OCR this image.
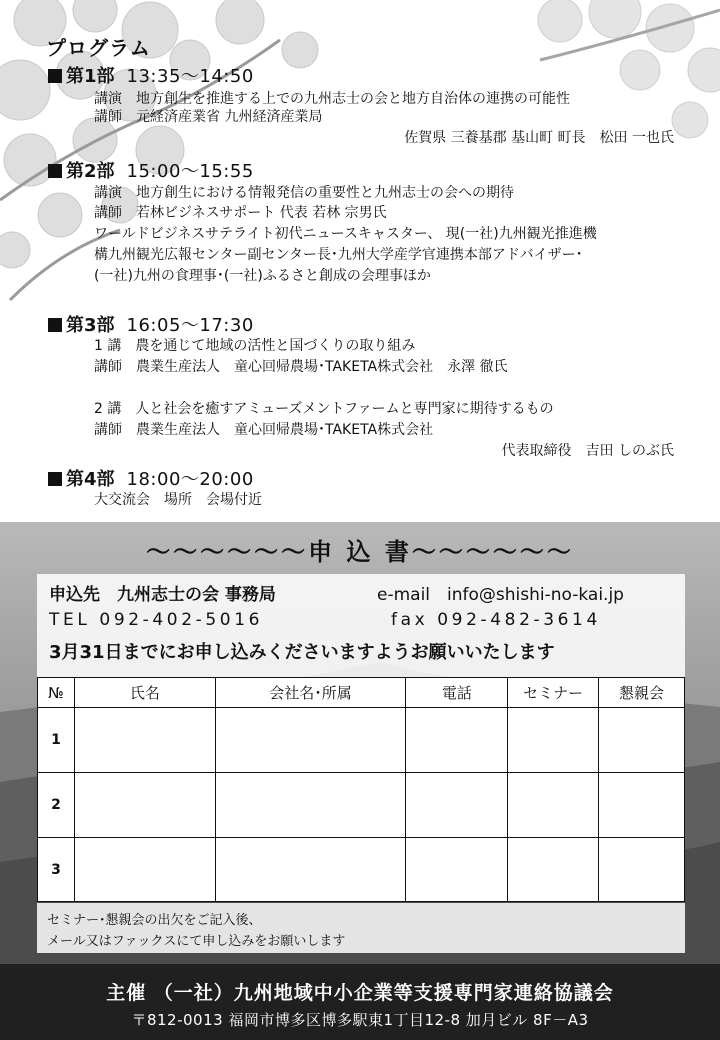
プログラム
第1部 13:35～14:50
講演　地方創生を推進する上での九州志士の会と地方自治体の連携の可能性
講師　元経済産業省 九州経済産業局
佐賀県 三養基郡 基山町 町長　松田 一也氏
第2部 15:00～15:55
講演　地方創生における情報発信の重要性と九州志士の会への期待
講師　若林ビジネスサポート 代表 若林 宗男氏
ワールドビジネスサテライト初代ニュースキャスター、 現(一社)九州観光推進機
構九州観光広報センター副センター長･九州大学産学官連携本部アドバイザー･
(一社)九州の食理事･(一社)ふるさと創成の会理事ほか
第3部 16:05～17:30
1 講　農を通じて地域の活性と国づくりの取り組み
講師　農業生産法人　童心回帰農場･TAKETA株式会社　永澤 徹氏
2 講　人と社会を癒すアミューズメントファームと専門家に期待するもの
講師　農業生産法人　童心回帰農場･TAKETA株式会社
代表取締役　吉田 しのぶ氏
第4部 18:00～20:00
大交流会　場所　会場付近
～～～～～～申 込 書～～～～～～
申込先　九州志士の会 事務局	e-mail　info@shishi-no-kai.jp
TEL 092-402-5016	fax 092-482-3614
3月31日までにお申し込みくださいますようお願いいたします
№	氏名	会社名･所属	電話	セミナー	懇親会
1					
2					
3					
セミナー･懇親会の出欠をご記入後、
メール又はファックスにて申し込みをお願いします
主催 （一社）九州地域中小企業等支援専門家連絡協議会
〒812-0013 福岡市博多区博多駅東1丁目12-8 加月ビル 8F－A3
